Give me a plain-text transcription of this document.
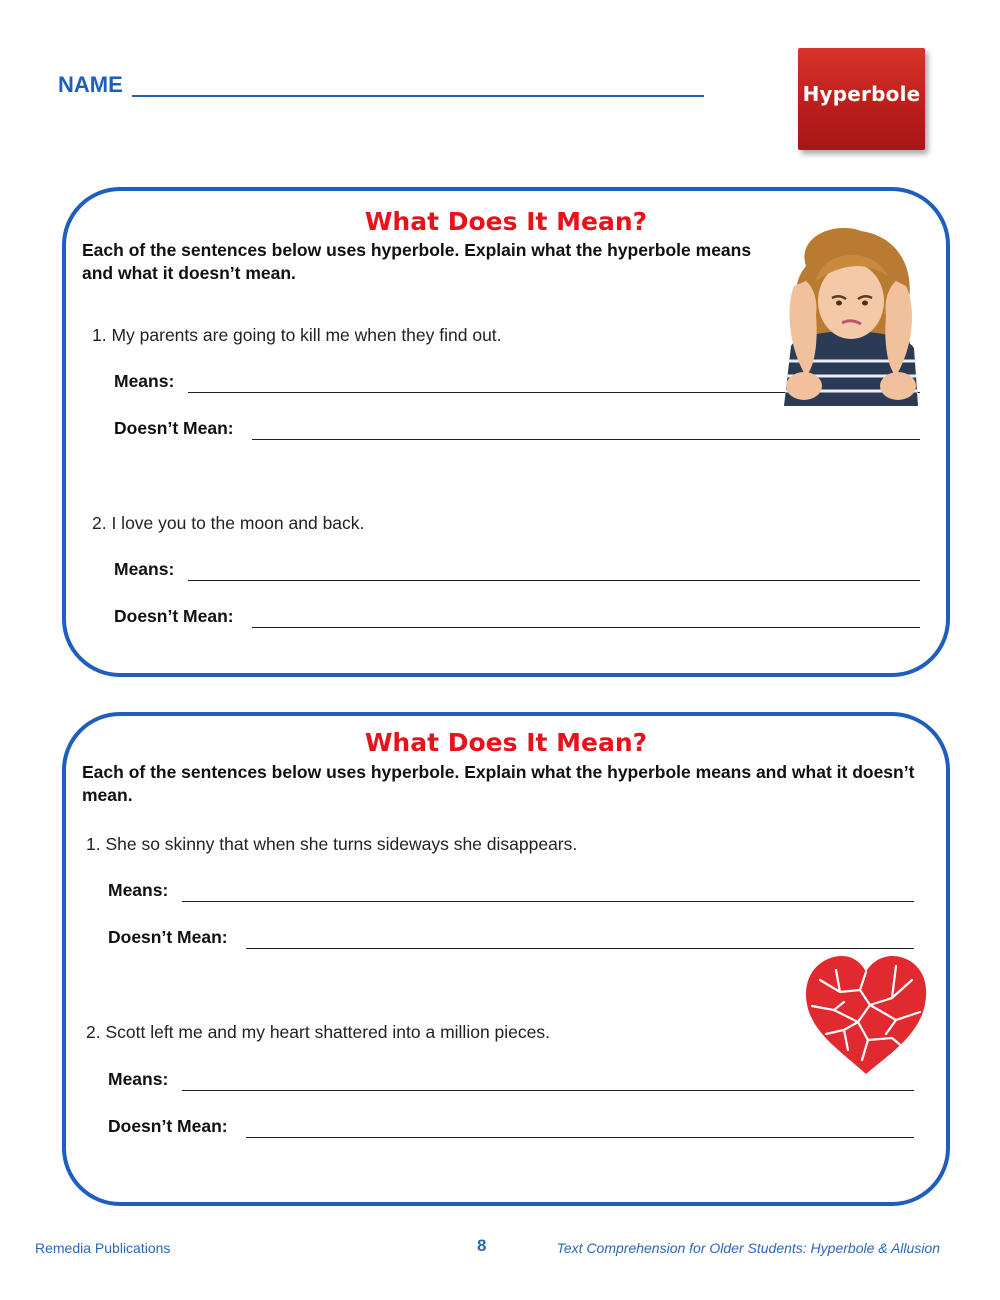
NAME	Hyperbole
What Does It Mean?
Each of the sentences below uses hyperbole. Explain what the hyperbole means and what it doesn’t mean.
1. My parents are going to kill me when they find out.
Means:
Doesn’t Mean:
2. I love you to the moon and back.
Means:
Doesn’t Mean:
What Does It Mean?
Each of the sentences below uses hyperbole. Explain what the hyperbole means and what it doesn’t mean.
1. She so skinny that when she turns sideways she disappears.
Means:
Doesn’t Mean:
2. Scott left me and my heart shattered into a million pieces.
Means:
Doesn’t Mean:
Remedia Publications	8	Text Comprehension for Older Students: Hyperbole & Allusion
